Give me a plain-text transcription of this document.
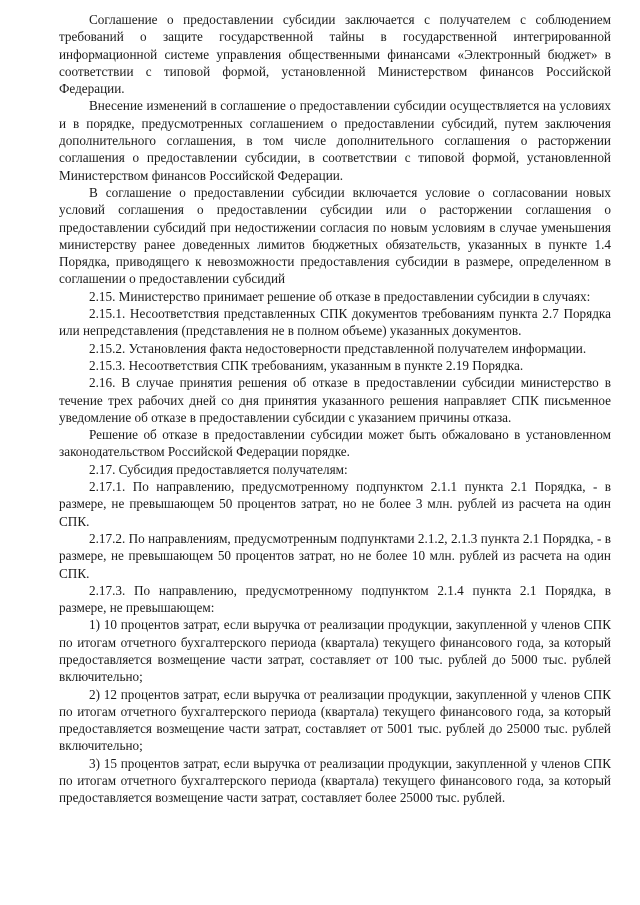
Соглашение о предоставлении субсидии заключается с получателем с соблюдением требований о защите государственной тайны в государственной интегрированной информационной системе управления общественными финансами «Электронный бюджет» в соответствии с типовой формой, установленной Министерством финансов Российской Федерации.

Внесение изменений в соглашение о предоставлении субсидии осуществляется на условиях и в порядке, предусмотренных соглашением о предоставлении субсидий, путем заключения дополнительного соглашения, в том числе дополнительного соглашения о расторжении соглашения о предоставлении субсидии, в соответствии с типовой формой, установленной Министерством финансов Российской Федерации.

В соглашение о предоставлении субсидии включается условие о согласовании новых условий соглашения о предоставлении субсидии или о расторжении соглашения о предоставлении субсидий при недостижении согласия по новым условиям в случае уменьшения министерству ранее доведенных лимитов бюджетных обязательств, указанных в пункте 1.4 Порядка, приводящего к невозможности предоставления субсидии в размере, определенном в соглашении о предоставлении субсидий

2.15. Министерство принимает решение об отказе в предоставлении субсидии в случаях:

2.15.1. Несоответствия представленных СПК документов требованиям пункта 2.7 Порядка или непредставления (представления не в полном объеме) указанных документов.

2.15.2. Установления факта недостоверности представленной получателем информации.

2.15.3. Несоответствия СПК требованиям, указанным в пункте 2.19 Порядка.

2.16. В случае принятия решения об отказе в предоставлении субсидии министерство в течение трех рабочих дней со дня принятия указанного решения направляет СПК письменное уведомление об отказе в предоставлении субсидии с указанием причины отказа.

Решение об отказе в предоставлении субсидии может быть обжаловано в установленном законодательством Российской Федерации порядке.

2.17. Субсидия предоставляется получателям:

2.17.1. По направлению, предусмотренному подпунктом 2.1.1 пункта 2.1 Порядка, - в размере, не превышающем 50 процентов затрат, но не более 3 млн. рублей из расчета на один СПК.

2.17.2. По направлениям, предусмотренным подпунктами 2.1.2, 2.1.3 пункта 2.1 Порядка, - в размере, не превышающем 50 процентов затрат, но не более 10 млн. рублей из расчета на один СПК.

2.17.3. По направлению, предусмотренному подпунктом 2.1.4 пункта 2.1 Порядка, в размере, не превышающем:

1) 10 процентов затрат, если выручка от реализации продукции, закупленной у членов СПК по итогам отчетного бухгалтерского периода (квартала) текущего финансового года, за который предоставляется возмещение части затрат, составляет от 100 тыс. рублей до 5000 тыс. рублей включительно;

2) 12 процентов затрат, если выручка от реализации продукции, закупленной у членов СПК по итогам отчетного бухгалтерского периода (квартала) текущего финансового года, за который предоставляется возмещение части затрат, составляет от 5001 тыс. рублей до 25000 тыс. рублей включительно;

3) 15 процентов затрат, если выручка от реализации продукции, закупленной у членов СПК по итогам отчетного бухгалтерского периода (квартала) текущего финансового года, за который предоставляется возмещение части затрат, составляет более 25000 тыс. рублей.
